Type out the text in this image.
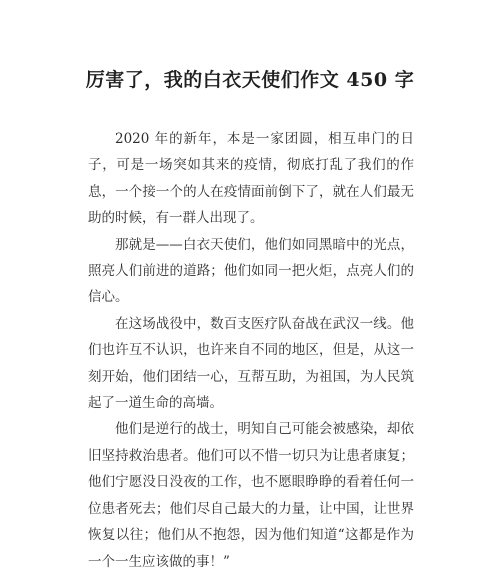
厉害了，我的白衣天使们作文 450 字

2020 年的新年，本是一家团圆，相互串门的日子，可是一场突如其来的疫情，彻底打乱了我们的作息，一个接一个的人在疫情面前倒下了，就在人们最无助的时候，有一群人出现了。

那就是——白衣天使们，他们如同黑暗中的光点，照亮人们前进的道路；他们如同一把火炬，点亮人们的信心。

在这场战役中，数百支医疗队奋战在武汉一线。他们也许互不认识，也许来自不同的地区，但是，从这一刻开始，他们团结一心，互帮互助，为祖国，为人民筑起了一道生命的高墙。

他们是逆行的战士，明知自己可能会被感染，却依旧坚持救治患者。他们可以不惜一切只为让患者康复；他们宁愿没日没夜的工作，也不愿眼睁睁的看着任何一位患者死去；他们尽自己最大的力量，让中国，让世界恢复以往；他们从不抱怨，因为他们知道“这都是作为一个一生应该做的事！”
